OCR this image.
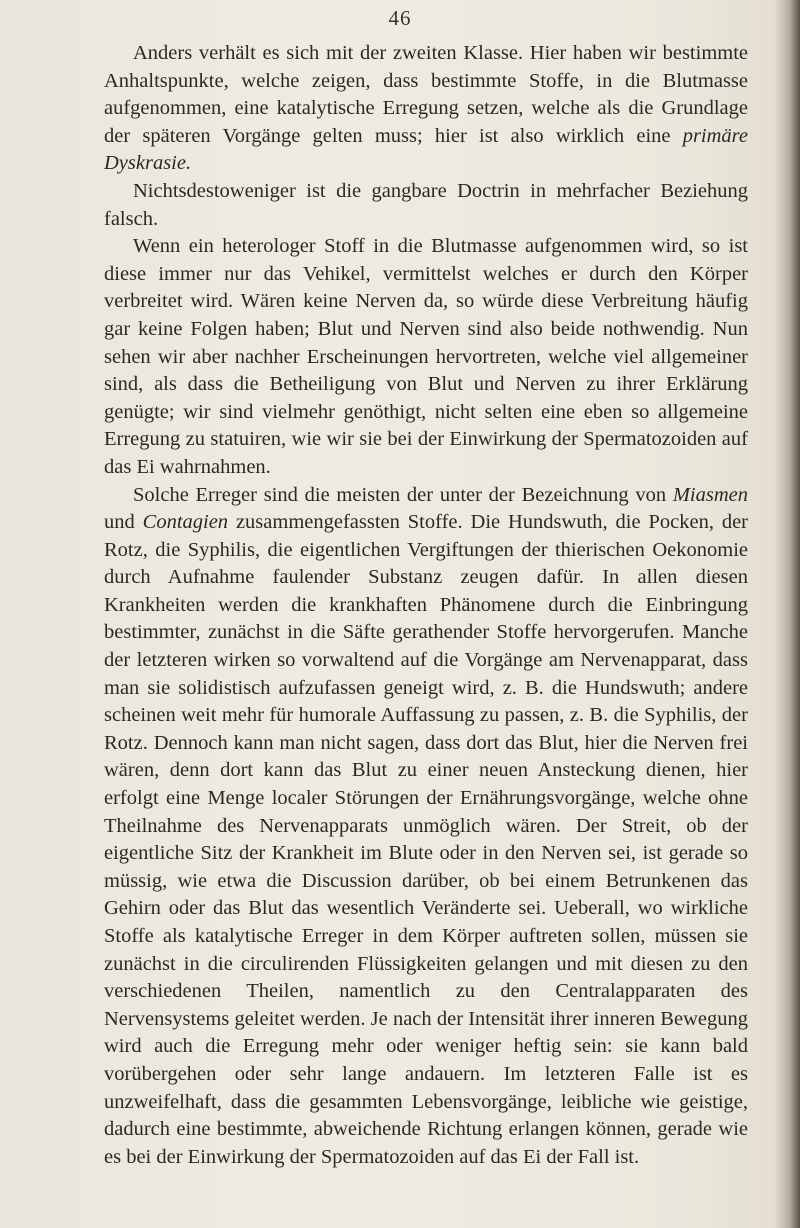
46

Anders verhält es sich mit der zweiten Klasse. Hier haben wir bestimmte Anhaltspunkte, welche zeigen, dass bestimmte Stoffe, in die Blutmasse aufgenommen, eine katalytische Erregung setzen, welche als die Grundlage der späteren Vorgänge gelten muss; hier ist also wirklich eine primäre Dyskrasie.

Nichtsdestoweniger ist die gangbare Doctrin in mehrfacher Beziehung falsch.

Wenn ein heterologer Stoff in die Blutmasse aufgenommen wird, so ist diese immer nur das Vehikel, vermittelst welches er durch den Körper verbreitet wird. Wären keine Nerven da, so würde diese Verbreitung häufig gar keine Folgen haben; Blut und Nerven sind also beide nothwendig. Nun sehen wir aber nachher Erscheinungen hervortreten, welche viel allgemeiner sind, als dass die Betheiligung von Blut und Nerven zu ihrer Erklärung genügte; wir sind vielmehr genöthigt, nicht selten eine eben so allgemeine Erregung zu statuiren, wie wir sie bei der Einwirkung der Spermatozoiden auf das Ei wahrnahmen.

Solche Erreger sind die meisten der unter der Bezeichnung von Miasmen und Contagien zusammengefassten Stoffe. Die Hundswuth, die Pocken, der Rotz, die Syphilis, die eigentlichen Vergiftungen der thierischen Oekonomie durch Aufnahme faulender Substanz zeugen dafür. In allen diesen Krankheiten werden die krankhaften Phänomene durch die Einbringung bestimmter, zunächst in die Säfte gerathender Stoffe hervorgerufen. Manche der letzteren wirken so vorwaltend auf die Vorgänge am Nervenapparat, dass man sie solidistisch aufzufassen geneigt wird, z. B. die Hundswuth; andere scheinen weit mehr für humorale Auffassung zu passen, z. B. die Syphilis, der Rotz. Dennoch kann man nicht sagen, dass dort das Blut, hier die Nerven frei wären, denn dort kann das Blut zu einer neuen Ansteckung dienen, hier erfolgt eine Menge localer Störungen der Ernährungsvorgänge, welche ohne Theilnahme des Nervenapparats unmöglich wären. Der Streit, ob der eigentliche Sitz der Krankheit im Blute oder in den Nerven sei, ist gerade so müssig, wie etwa die Discussion darüber, ob bei einem Betrunkenen das Gehirn oder das Blut das wesentlich Veränderte sei. Ueberall, wo wirkliche Stoffe als katalytische Erreger in dem Körper auftreten sollen, müssen sie zunächst in die circulirenden Flüssigkeiten gelangen und mit diesen zu den verschiedenen Theilen, namentlich zu den Centralapparaten des Nervensystems geleitet werden. Je nach der Intensität ihrer inneren Bewegung wird auch die Erregung mehr oder weniger heftig sein: sie kann bald vorübergehen oder sehr lange andauern. Im letzteren Falle ist es unzweifelhaft, dass die gesammten Lebensvorgänge, leibliche wie geistige, dadurch eine bestimmte, abweichende Richtung erlangen können, gerade wie es bei der Einwirkung der Spermatozoiden auf das Ei der Fall ist.
